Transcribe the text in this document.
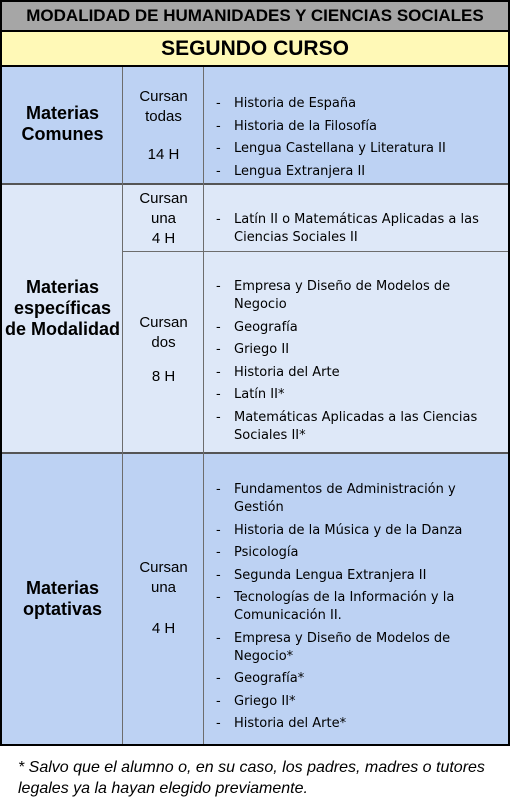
MODALIDAD DE HUMANIDADES Y CIENCIAS SOCIALES
SEGUNDO CURSO
Materias Comunes
Cursan
todas
14 H
- Historia de España
- Historia de la Filosofía
- Lengua Castellana y Literatura II
- Lengua Extranjera II
Materias específicas de Modalidad
Cursan
una
4 H
- Latín II o Matemáticas Aplicadas a las Ciencias Sociales II
Cursan
dos
8 H
- Empresa y Diseño de Modelos de Negocio
- Geografía
- Griego II
- Historia del Arte
- Latín II*
- Matemáticas Aplicadas a las Ciencias Sociales II*
Materias optativas
Cursan
una
4 H
- Fundamentos de Administración y Gestión
- Historia de la Música y de la Danza
- Psicología
- Segunda Lengua Extranjera II
- Tecnologías de la Información y la Comunicación II.
- Empresa y Diseño de Modelos de Negocio*
- Geografía*
- Griego II*
- Historia del Arte*
* Salvo que el alumno o, en su caso, los padres, madres o tutores legales ya la hayan elegido previamente.
